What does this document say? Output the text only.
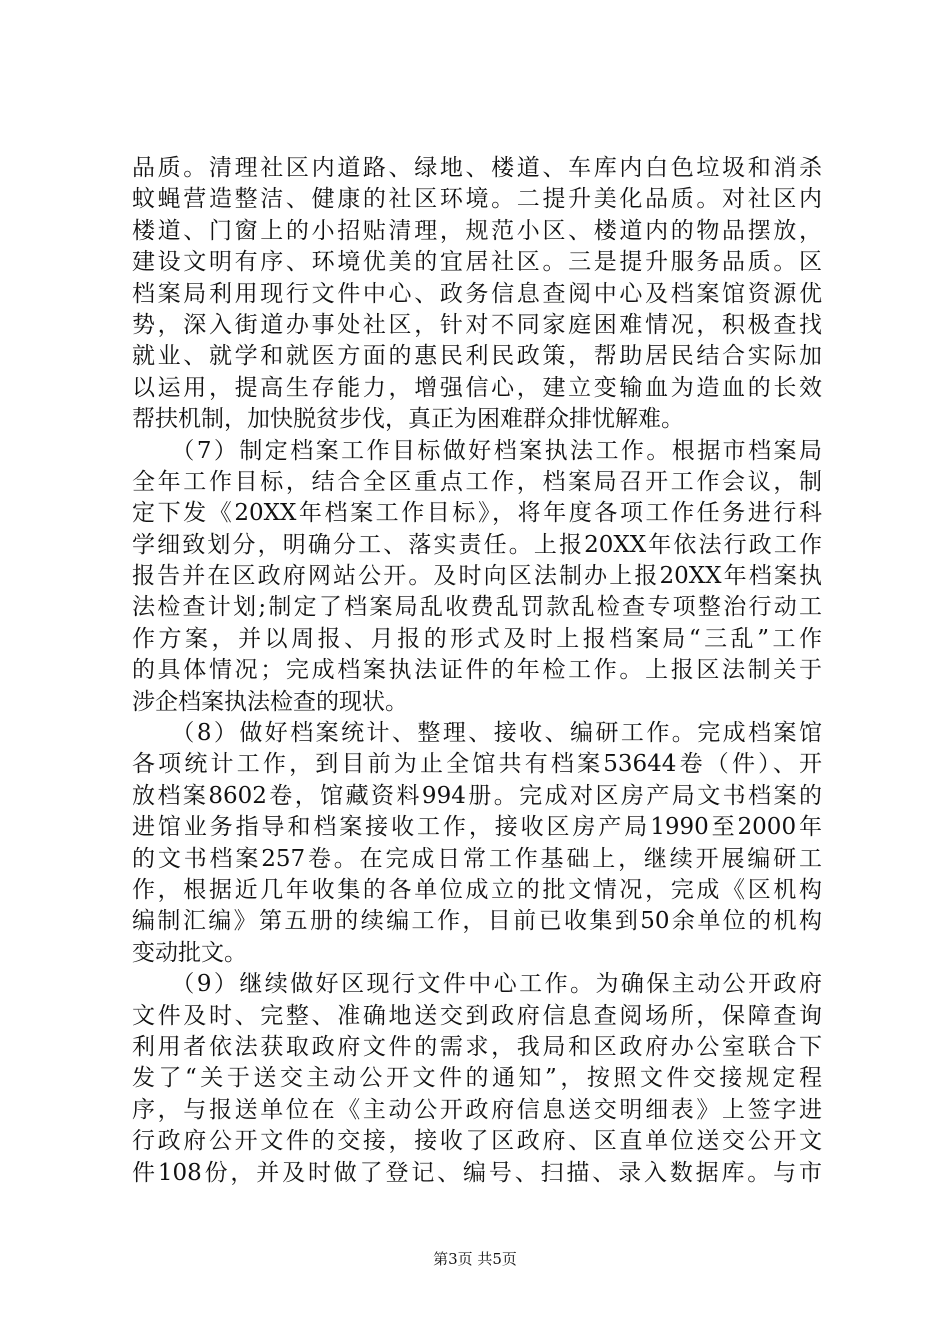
品质。清理社区内道路、绿地、楼道、车库内白色垃圾和消杀
蚊蝇营造整洁、健康的社区环境。二提升美化品质。对社区内
楼道、门窗上的小招贴清理，规范小区、楼道内的物品摆放，
建设文明有序、环境优美的宜居社区。三是提升服务品质。区
档案局利用现行文件中心、政务信息查阅中心及档案馆资源优
势，深入街道办事处社区，针对不同家庭困难情况，积极查找
就业、就学和就医方面的惠民利民政策，帮助居民结合实际加
以运用，提高生存能力，增强信心，建立变输血为造血的长效
帮扶机制，加快脱贫步伐，真正为困难群众排忧解难。
　　（7）制定档案工作目标做好档案执法工作。根据市档案局
全年工作目标，结合全区重点工作，档案局召开工作会议，制
定下发《20XX年档案工作目标》，将年度各项工作任务进行科
学细致划分，明确分工、落实责任。上报20XX年依法行政工作
报告并在区政府网站公开。及时向区法制办上报20XX年档案执
法检查计划;制定了档案局乱收费乱罚款乱检查专项整治行动工
作方案，并以周报、月报的形式及时上报档案局“三乱”工作
的具体情况；完成档案执法证件的年检工作。上报区法制关于
涉企档案执法检查的现状。
　　（8）做好档案统计、整理、接收、编研工作。完成档案馆
各项统计工作，到目前为止全馆共有档案53644卷（件）、开
放档案8602卷，馆藏资料994册。完成对区房产局文书档案的
进馆业务指导和档案接收工作，接收区房产局1990至2000年
的文书档案257卷。在完成日常工作基础上，继续开展编研工
作，根据近几年收集的各单位成立的批文情况，完成《区机构
编制汇编》第五册的续编工作，目前已收集到50余单位的机构
变动批文。
　　（9）继续做好区现行文件中心工作。为确保主动公开政府
文件及时、完整、准确地送交到政府信息查阅场所，保障查询
利用者依法获取政府文件的需求，我局和区政府办公室联合下
发了“关于送交主动公开文件的通知”，按照文件交接规定程
序，与报送单位在《主动公开政府信息送交明细表》上签字进
行政府公开文件的交接，接收了区政府、区直单位送交公开文
件108份，并及时做了登记、编号、扫描、录入数据库。与市
第3页 共5页
